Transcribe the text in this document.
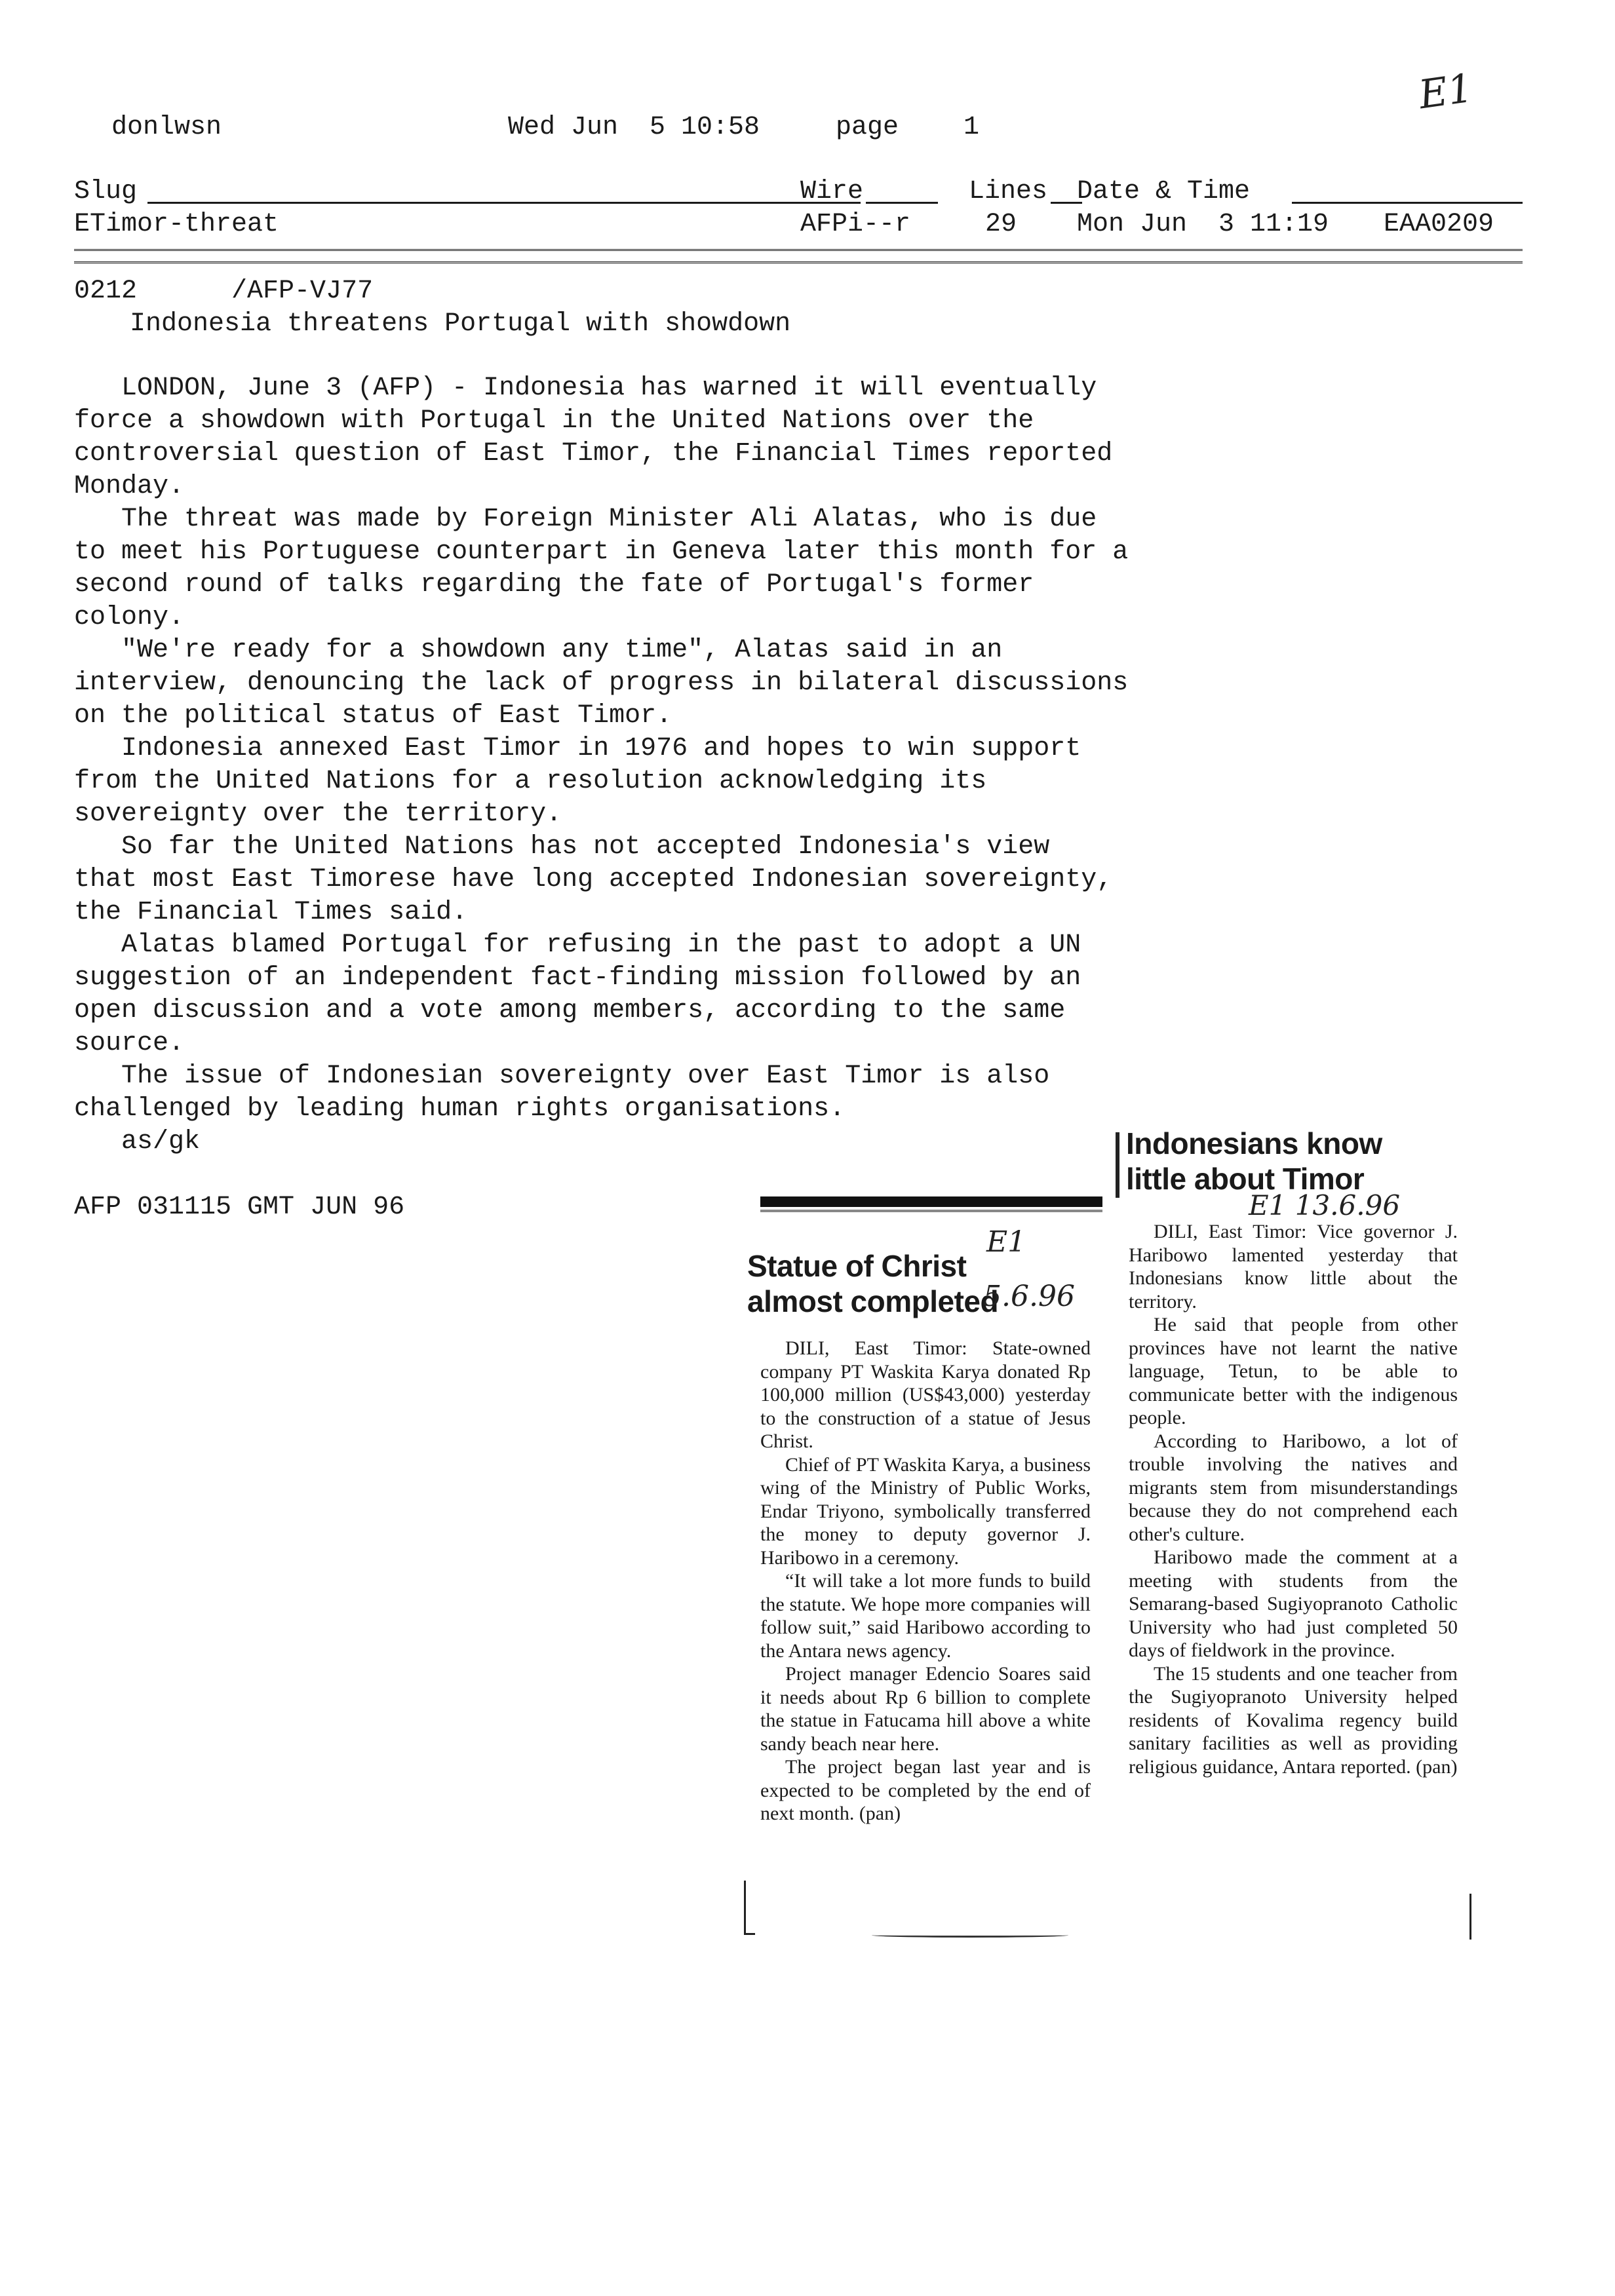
donlwsn	Wed Jun  5 10:58	page 1
E1
Slug	Wire	Lines Date & Time
ETimor-threat	AFPi--r	29 Mon Jun  3 11:19 EAA0209
0212      /AFP-VJ77
Indonesia threatens Portugal with showdown
LONDON, June 3 (AFP) - Indonesia has warned it will eventually
force a showdown with Portugal in the United Nations over the
controversial question of East Timor, the Financial Times reported
Monday.
The threat was made by Foreign Minister Ali Alatas, who is due
to meet his Portuguese counterpart in Geneva later this month for a
second round of talks regarding the fate of Portugal's former
colony.
"We're ready for a showdown any time", Alatas said in an
interview, denouncing the lack of progress in bilateral discussions
on the political status of East Timor.
Indonesia annexed East Timor in 1976 and hopes to win support
from the United Nations for a resolution acknowledging its
sovereignty over the territory.
So far the United Nations has not accepted Indonesia's view
that most East Timorese have long accepted Indonesian sovereignty,
the Financial Times said.
Alatas blamed Portugal for refusing in the past to adopt a UN
suggestion of an independent fact-finding mission followed by an
open discussion and a vote among members, according to the same
source.
The issue of Indonesian sovereignty over East Timor is also
challenged by leading human rights organisations.
as/gk
AFP 031115 GMT JUN 96
E1
Statue of Christ
almost completed
5.6.96

DILI, East Timor: State-owned company PT Waskita Karya donated Rp 100,000 million (US$43,000) yesterday to the construction of a statue of Jesus Christ.

Chief of PT Waskita Karya, a business wing of the Ministry of Public Works, Endar Triyono, symbolically transferred the money to deputy governor J. Haribowo in a ceremony.

“It will take a lot more funds to build the statute. We hope more companies will follow suit,” said Haribowo according to the Antara news agency.

Project manager Edencio Soares said it needs about Rp 6 billion to complete the statue in Fatucama hill above a white sandy beach near here.

The project began last year and is expected to be completed by the end of next month. (pan)

Indonesians know
little about Timor
E1 13.6.96

DILI, East Timor: Vice governor J. Haribowo lamented yesterday that Indonesians know little about the territory.

He said that people from other provinces have not learnt the native language, Tetun, to be able to communicate better with the indigenous people.

According to Haribowo, a lot of trouble involving the natives and migrants stem from misunderstandings because they do not comprehend each other's culture.

Haribowo made the comment at a meeting with students from the Semarang-based Sugiyopranoto Catholic University who had just completed 50 days of fieldwork in the province.

The 15 students and one teacher from the Sugiyopranoto University helped residents of Kovalima regency build sanitary facilities as well as providing religious guidance, Antara reported. (pan)
